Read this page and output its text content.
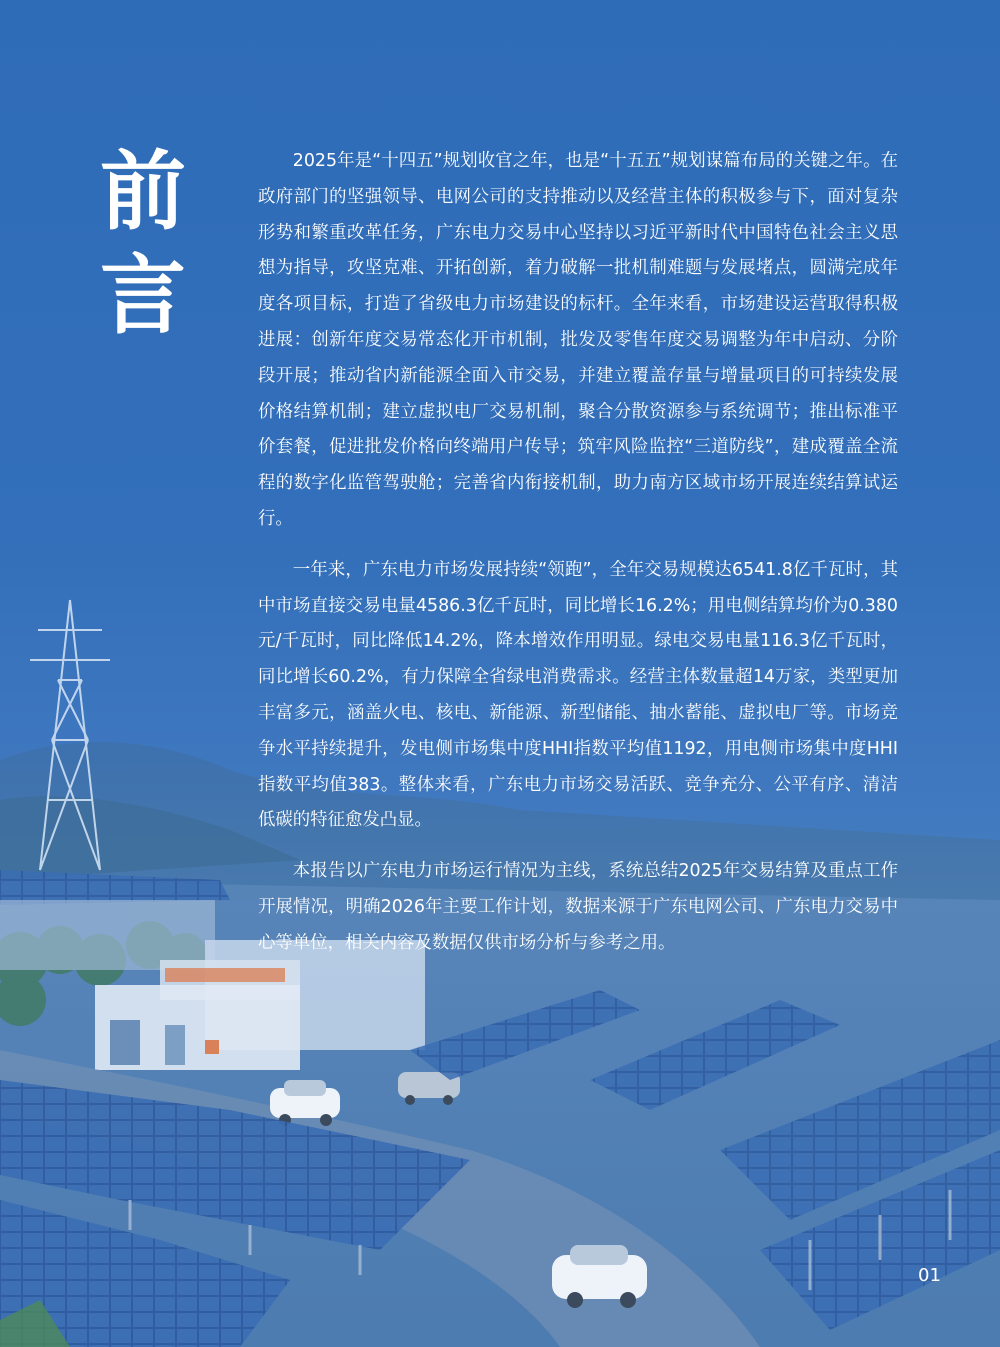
前
言

2025年是“十四五”规划收官之年，也是“十五五”规划谋篇布局的关键之年。在政府部门的坚强领导、电网公司的支持推动以及经营主体的积极参与下，面对复杂形势和繁重改革任务，广东电力交易中心坚持以习近平新时代中国特色社会主义思想为指导，攻坚克难、开拓创新，着力破解一批机制难题与发展堵点，圆满完成年度各项目标，打造了省级电力市场建设的标杆。全年来看，市场建设运营取得积极进展：创新年度交易常态化开市机制，批发及零售年度交易调整为年中启动、分阶段开展；推动省内新能源全面入市交易，并建立覆盖存量与增量项目的可持续发展价格结算机制；建立虚拟电厂交易机制，聚合分散资源参与系统调节；推出标准平价套餐，促进批发价格向终端用户传导；筑牢风险监控“三道防线”，建成覆盖全流程的数字化监管驾驶舱；完善省内衔接机制，助力南方区域市场开展连续结算试运行。

一年来，广东电力市场发展持续“领跑”，全年交易规模达6541.8亿千瓦时，其中市场直接交易电量4586.3亿千瓦时，同比增长16.2%；用电侧结算均价为0.380元/千瓦时，同比降低14.2%，降本增效作用明显。绿电交易电量116.3亿千瓦时，同比增长60.2%，有力保障全省绿电消费需求。经营主体数量超14万家，类型更加丰富多元，涵盖火电、核电、新能源、新型储能、抽水蓄能、虚拟电厂等。市场竞争水平持续提升，发电侧市场集中度HHI指数平均值1192，用电侧市场集中度HHI指数平均值383。整体来看，广东电力市场交易活跃、竞争充分、公平有序、清洁低碳的特征愈发凸显。

本报告以广东电力市场运行情况为主线，系统总结2025年交易结算及重点工作开展情况，明确2026年主要工作计划，数据来源于广东电网公司、广东电力交易中心等单位，相关内容及数据仅供市场分析与参考之用。

01
